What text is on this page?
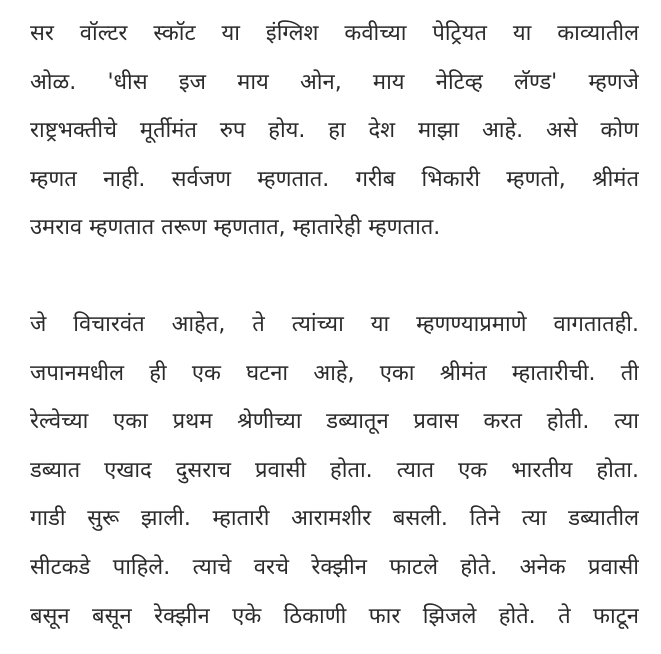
सर वॉल्टर स्कॉट या इंग्लिश कवीच्या पेट्रियत या काव्यातील
ओळ. 'धीस इज माय ओन, माय नेटिव्ह लॅण्ड' म्हणजे
राष्ट्रभक्तीचे मूर्तीमंत रुप होय. हा देश माझा आहे. असे कोण
म्हणत नाही. सर्वजण म्हणतात. गरीब भिकारी म्हणतो, श्रीमंत
उमराव म्हणतात तरूण म्हणतात, म्हातारेही म्हणतात.
जे विचारवंत आहेत, ते त्यांच्या या म्हणण्याप्रमाणे वागतातही.
जपानमधील ही एक घटना आहे, एका श्रीमंत म्हातारीची. ती
रेल्वेच्या एका प्रथम श्रेणीच्या डब्यातून प्रवास करत होती. त्या
डब्यात एखाद दुसराच प्रवासी होता. त्यात एक भारतीय होता.
गाडी सुरू झाली. म्हातारी आरामशीर बसली. तिने त्या डब्यातील
सीटकडे पाहिले. त्याचे वरचे रेक्झीन फाटले होते. अनेक प्रवासी
बसून बसून रेक्झीन एके ठिकाणी फार झिजले होते. ते फाटून
